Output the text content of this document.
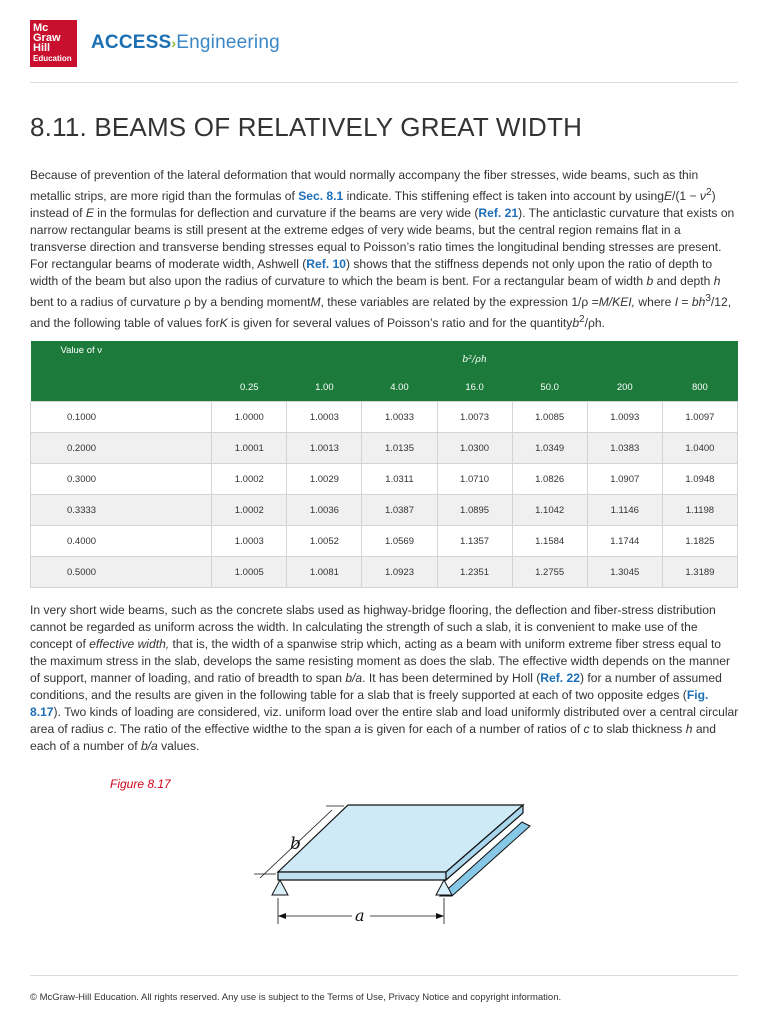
Mc
Graw
Hill
Education
ACCESS›Engineering
8.11. BEAMS OF RELATIVELY GREAT WIDTH

Because of prevention of the lateral deformation that would normally accompany the fiber stresses, wide beams, such as thin metallic strips, are more rigid than the formulas of Sec. 8.1 indicate. This stiffening effect is taken into account by usingE/(1 − $\nu^2$) instead of E in the formulas for deflection and curvature if the beams are very wide (Ref. 21). The anticlastic curvature that exists on narrow rectangular beams is still present at the extreme edges of very wide beams, but the central region remains flat in a transverse direction and transverse bending stresses equal to Poisson’s ratio times the longitudinal bending stresses are present. For rectangular beams of moderate width, Ashwell (Ref. 10) shows that the stiffness depends not only upon the ratio of depth to width of the beam but also upon the radius of curvature to which the beam is bent. For a rectangular beam of width b and depth h bent to a radius of curvature ρ by a bending momentM, these variables are related by the expression 1/ρ =M/KEI, where $I = bh^3/12$, and the following table of values forK is given for several values of Poisson’s ratio and for the quantityb$^2$/ρh.

Value of ν	b²/ρh						
	0.25	1.00	4.00	16.0	50.0	200	800
0.1000	1.0000	1.0003	1.0033	1.0073	1.0085	1.0093	1.0097
0.2000	1.0001	1.0013	1.0135	1.0300	1.0349	1.0383	1.0400
0.3000	1.0002	1.0029	1.0311	1.0710	1.0826	1.0907	1.0948
0.3333	1.0002	1.0036	1.0387	1.0895	1.1042	1.1146	1.1198
0.4000	1.0003	1.0052	1.0569	1.1357	1.1584	1.1744	1.1825
0.5000	1.0005	1.0081	1.0923	1.2351	1.2755	1.3045	1.3189

In very short wide beams, such as the concrete slabs used as highway-bridge flooring, the deflection and fiber-stress distribution cannot be regarded as uniform across the width. In calculating the strength of such a slab, it is convenient to make use of the concept of effective width, that is, the width of a spanwise strip which, acting as a beam with uniform extreme fiber stress equal to the maximum stress in the slab, develops the same resisting moment as does the slab. The effective width depends on the manner of support, manner of loading, and ratio of breadth to span b/a. It has been determined by Holl (Ref. 22) for a number of assumed conditions, and the results are given in the following table for a slab that is freely supported at each of two opposite edges (Fig. 8.17). Two kinds of loading are considered, viz. uniform load over the entire slab and load uniformly distributed over a central circular area of radius c. The ratio of the effective widthe to the span a is given for each of a number of ratios of c to slab thickness h and each of a number of b/a values.

Figure 8.17
b
a
© McGraw-Hill Education. All rights reserved. Any use is subject to the Terms of Use, Privacy Notice and copyright information.
